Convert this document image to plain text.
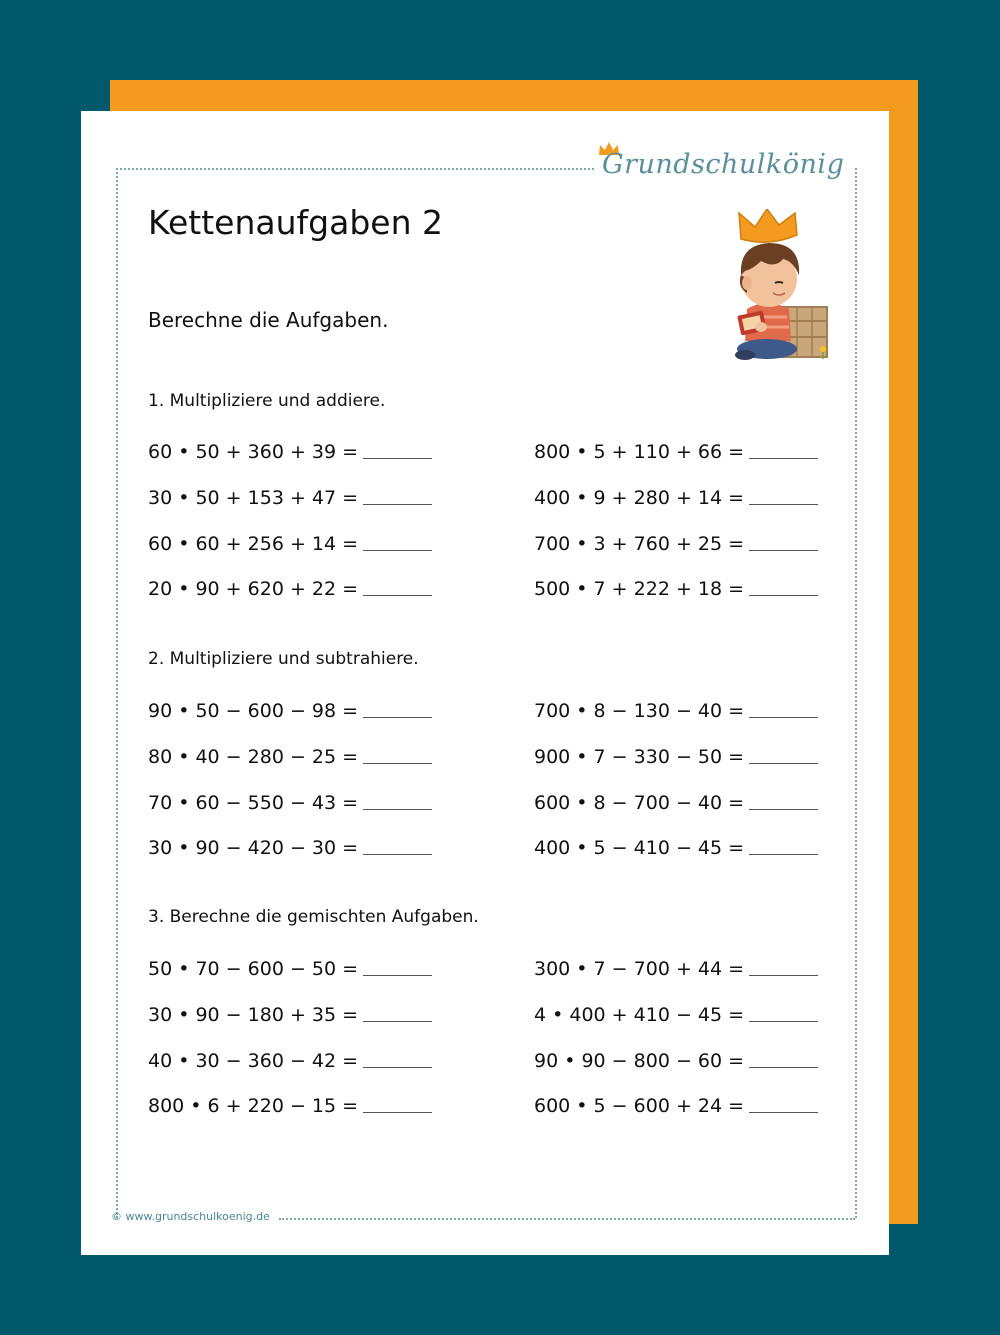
Grundschulkönig
Kettenaufgaben 2
Berechne die Aufgaben.
1. Multipliziere und addiere.
60 • 50 + 360 + 39 =
30 • 50 + 153 + 47 =
60 • 60 + 256 + 14 =
20 • 90 + 620 + 22 =
800 • 5 + 110 + 66 =
400 • 9 + 280 + 14 =
700 • 3 + 760 + 25 =
500 • 7 + 222 + 18 =
2. Multipliziere und subtrahiere.
90 • 50 − 600 − 98 =
80 • 40 − 280 − 25 =
70 • 60 − 550 − 43 =
30 • 90 − 420 − 30 =
700 • 8 − 130 − 40 =
900 • 7 − 330 − 50 =
600 • 8 − 700 − 40 =
400 • 5 − 410 − 45 =
3. Berechne die gemischten Aufgaben.
50 • 70 − 600 − 50 =
30 • 90 − 180 + 35 =
40 • 30 − 360 − 42 =
800 • 6 + 220 − 15 =
300 • 7 − 700 + 44 =
4 • 400 + 410 − 45 =
90 • 90 − 800 − 60 =
600 • 5 − 600 + 24 =
© www.grundschulkoenig.de
